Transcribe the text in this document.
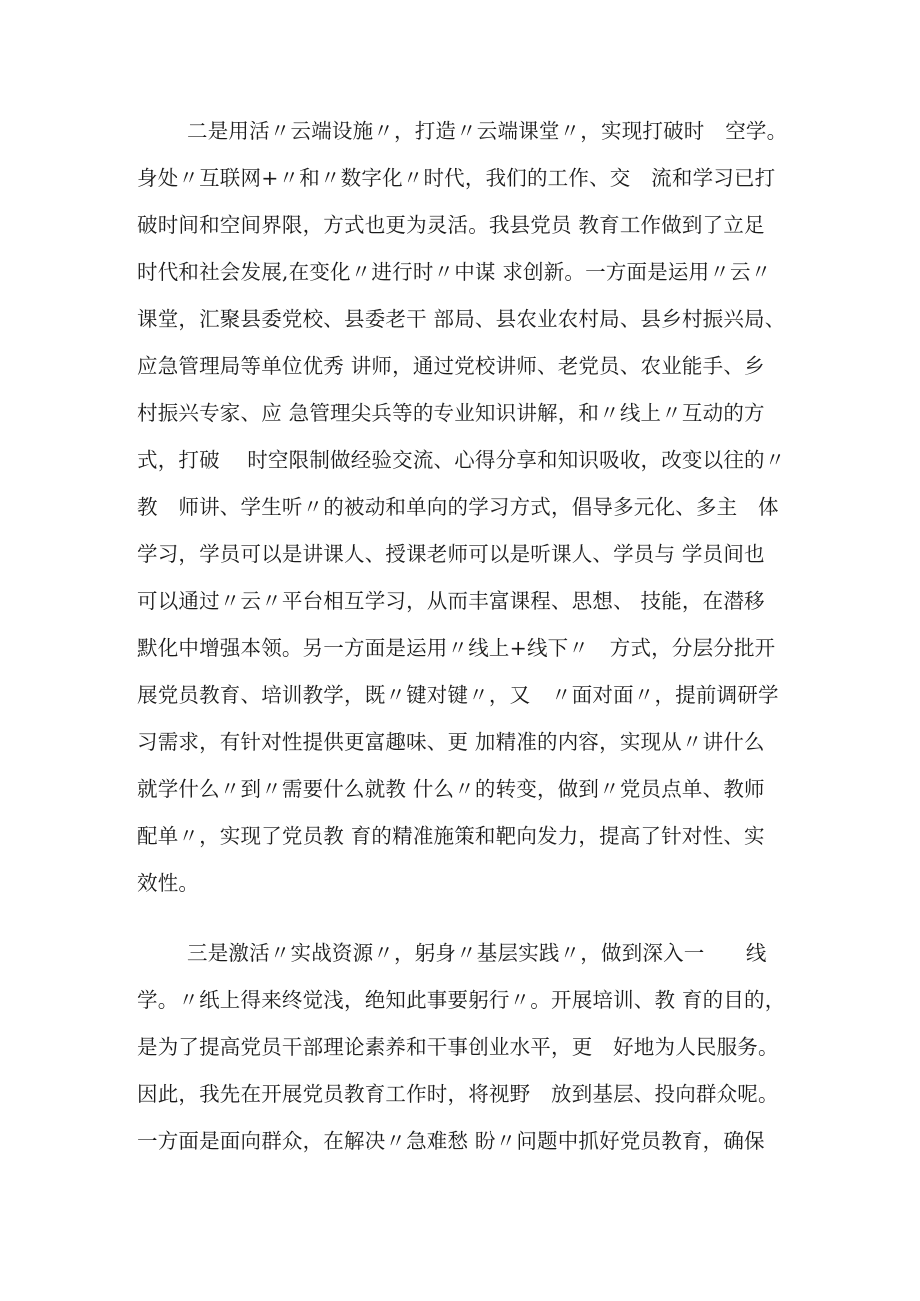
二是用活〃云端设施〃，打造〃云端课堂〃，实现打破时　空学。
身处〃互联网+〃和〃数字化〃时代，我们的工作、交　流和学习已打
破时间和空间界限，方式也更为灵活。我县党员 教育工作做到了立足
时代和社会发展,在变化〃进行时〃中谋 求创新。一方面是运用〃云〃
课堂，汇聚县委党校、县委老干 部局、县农业农村局、县乡村振兴局、
应急管理局等单位优秀 讲师，通过党校讲师、老党员、农业能手、乡
村振兴专家、应 急管理尖兵等的专业知识讲解，和〃线上〃互动的方
式，打破　 时空限制做经验交流、心得分享和知识吸收，改变以往的〃
教　师讲、学生听〃的被动和单向的学习方式，倡导多元化、多主　体
学习，学员可以是讲课人、授课老师可以是听课人、学员与 学员间也
可以通过〃云〃平台相互学习，从而丰富课程、思想、 技能，在潜移
默化中增强本领。另一方面是运用〃线上+线下〃　方式，分层分批开
展党员教育、培训教学，既〃键对键〃，又　〃面对面〃，提前调研学
习需求，有针对性提供更富趣味、更 加精准的内容，实现从〃讲什么
就学什么〃到〃需要什么就教 什么〃的转变，做到〃党员点单、教师
配单〃，实现了党员教 育的精准施策和靶向发力，提高了针对性、实
效性。
三是激活〃实战资源〃，躬身〃基层实践〃，做到深入一　　线
学。〃纸上得来终觉浅，绝知此事要躬行〃。开展培训、教 育的目的，
是为了提高党员干部理论素养和干事创业水平，更　好地为人民服务。
因此，我先在开展党员教育工作时，将视野　放到基层、投向群众呢。
一方面是面向群众，在解决〃急难愁 盼〃问题中抓好党员教育，确保
